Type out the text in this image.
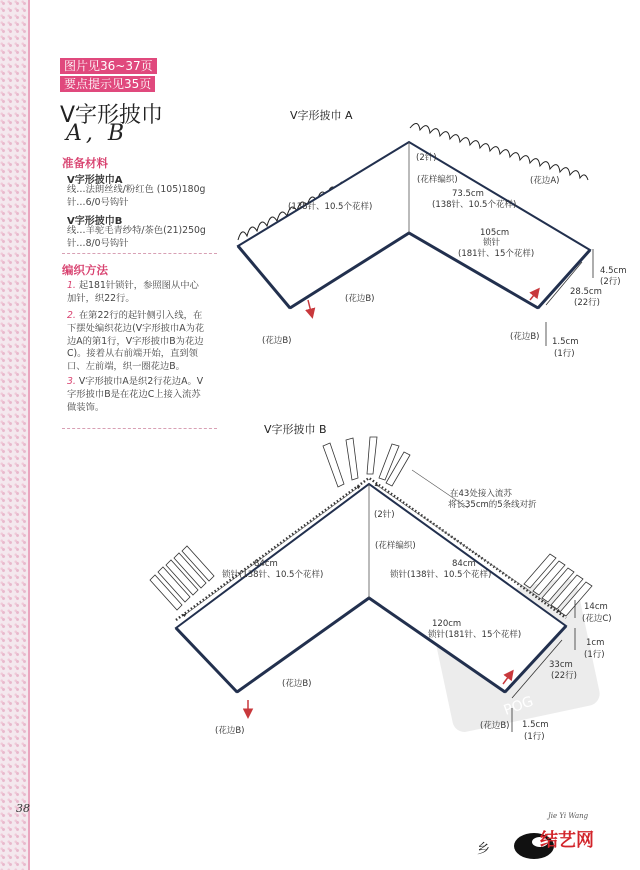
图片见36~37页
要点提示见35页
V字形披巾
A, B
准备材料
V字形披巾A
线…法朗丝线/粉红色 (105)180g
针…6/0号钩针
V字形披巾B
线…羊驼毛青纱特/茶色(21)250g
针…8/0号钩针
编织方法
1. 起181针锁针，参照图从中心
加针，织22行。
2. 在第22行的起针侧引入线，在
下摆处编织花边(V字形披巾A为花
边A的第1行，V字形披巾B为花边
C)。接着从右前端开始，直到领
口、左前端，织一圈花边B。
3. V字形披巾A是织2行花边A。V
字形披巾B是在花边C上接入流苏
做装饰。
POG
V字形披巾 A
(2针)
(花样编织)
73.5cm
(138针、10.5个花样)
(138针、10.5个花样)
105cm
锁针
(181针、15个花样)
(花边A)
(花边B)
(花边B)	(花边B)
4.5cm
(2行)
28.5cm
(22行)
1.5cm
(1行)
V字形披巾 B
在43处接入流苏
将长35cm的5条线对折
(2针)
(花样编织)
84cm
锁针(138针、10.5个花样)
84cm
锁针(138针、10.5个花样)
120cm
锁针(181针、15个花样)
(花边B)
(花边B)	(花边B)
14cm
(花边C)
1cm
(1行)
33cm
(22行)
1.5cm
(1行)
38
乡
Jie Yi Wang
结艺网
